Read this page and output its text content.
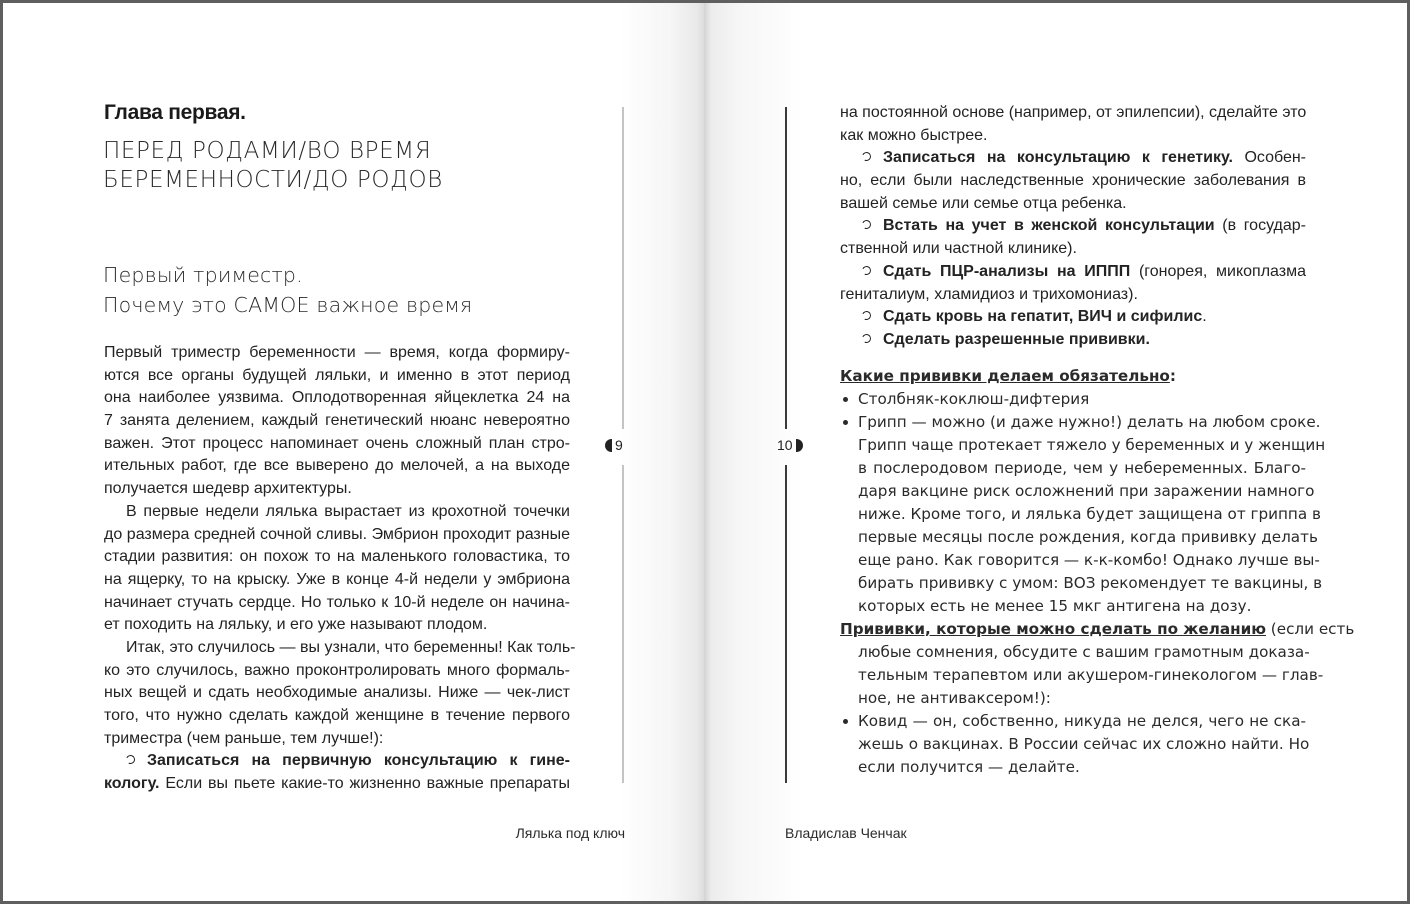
Глава первая.
ПЕРЕД РОДАМИ/ВО ВРЕМЯ
БЕРЕМЕННОСТИ/ДО РОДОВ
Первый триместр.
Почему это САМОЕ важное время
Первый триместр беременности — время, когда формиру-
ются все органы будущей ляльки, и именно в этот период
она наиболее уязвима. Оплодотворенная яйцеклетка 24 на
7 занята делением, каждый генетический нюанс невероятно
важен. Этот процесс напоминает очень сложный план стро-
ительных работ, где все выверено до мелочей, а на выходе
получается шедевр архитектуры.
В первые недели лялька вырастает из крохотной точечки
до размера средней сочной сливы. Эмбрион проходит разные
стадии развития: он похож то на маленького головастика, то
на ящерку, то на крыску. Уже в конце 4-й недели у эмбриона
начинает стучать сердце. Но только к 10-й неделе он начина-
ет походить на ляльку, и его уже называют плодом.
Итак, это случилось — вы узнали, что беременны! Как толь-
ко это случилось, важно проконтролировать много формаль-
ных вещей и сдать необходимые анализы. Ниже — чек-лист
того, что нужно сделать каждой женщине в течение первого
триместра (чем раньше, тем лучше!):
Записаться на первичную консультацию к гине-
кологу. Если вы пьете какие-то жизненно важные препараты
9
Лялька под ключ
10
Владислав Ченчак
на постоянной основе (например, от эпилепсии), сделайте это
как можно быстрее.
Записаться на консультацию к генетику. Особен-
но, если были наследственные хронические заболевания в
вашей семье или семье отца ребенка.
Встать на учет в женской консультации (в государ-
ственной или частной клинике).
Сдать ПЦР-анализы на ИППП (гонорея, микоплазма
гениталиум, хламидиоз и трихомониаз).
Сдать кровь на гепатит, ВИЧ и сифилис.
Сделать разрешенные прививки.
Какие прививки делаем обязательно:
Столбняк-коклюш-дифтерия
Грипп — можно (и даже нужно!) делать на любом сроке.
Грипп чаще протекает тяжело у беременных и у женщин
в послеродовом периоде, чем у небеременных. Благо-
даря вакцине риск осложнений при заражении намного
ниже. Кроме того, и лялька будет защищена от гриппа в
первые месяцы после рождения, когда прививку делать
еще рано. Как говорится — к-к-комбо! Однако лучше вы-
бирать прививку с умом: ВОЗ рекомендует те вакцины, в
которых есть не менее 15 мкг антигена на дозу.
Прививки, которые можно сделать по желанию (если есть
любые сомнения, обсудите с вашим грамотным доказа-
тельным терапевтом или акушером-гинекологом — глав-
ное, не антиваксером!):
Ковид — он, собственно, никуда не делся, чего не ска-
жешь о вакцинах. В России сейчас их сложно найти. Но
если получится — делайте.
